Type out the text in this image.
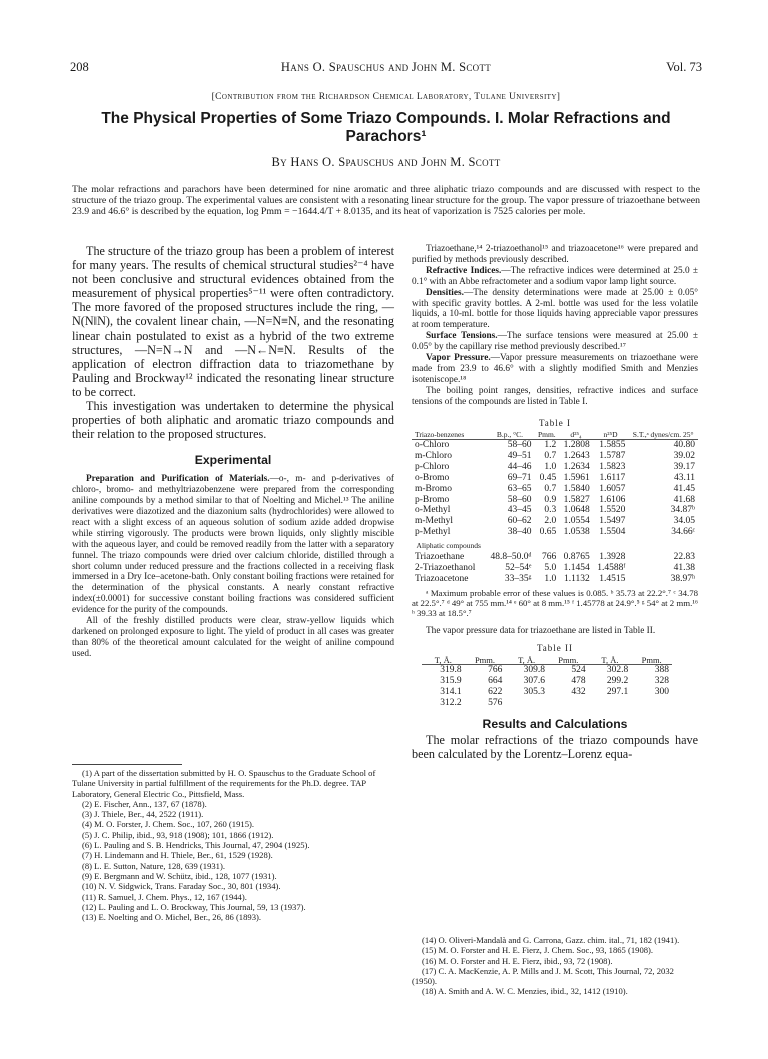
208	Hans O. Spauschus and John M. Scott	Vol. 73
[Contribution from the Richardson Chemical Laboratory, Tulane University]
The Physical Properties of Some Triazo Compounds. I. Molar Refractions and Parachors¹
By Hans O. Spauschus and John M. Scott
The molar refractions and parachors have been determined for nine aromatic and three aliphatic triazo compounds and are discussed with respect to the structure of the triazo group. The experimental values are consistent with a resonating linear structure for the group. The vapor pressure of triazoethane between 23.9 and 46.6° is described by the equation, log Pmm = −1644.4/T + 8.0135, and its heat of vaporization is 7525 calories per mole.

The structure of the triazo group has been a problem of interest for many years. The results of chemical structural studies²⁻⁴ have not been conclusive and structural evidences obtained from the measurement of physical properties⁵⁻¹¹ were often contradictory. The more favored of the proposed structures include the ring, —N(N‖N), the covalent linear chain, —N=N≡N, and the resonating linear chain postulated to exist as a hybrid of the two extreme structures, —N=N→N and —N←N≡N. Results of the application of electron diffraction data to triazomethane by Pauling and Brockway¹² indicated the resonating linear structure to be correct.

This investigation was undertaken to determine the physical properties of both aliphatic and aromatic triazo compounds and their relation to the proposed structures.

Experimental

Preparation and Purification of Materials.—o-, m- and p-derivatives of chloro-, bromo- and methyltriazobenzene were prepared from the corresponding aniline compounds by a method similar to that of Noelting and Michel.¹³ The aniline derivatives were diazotized and the diazonium salts (hydrochlorides) were allowed to react with a slight excess of an aqueous solution of sodium azide added dropwise while stirring vigorously. The products were brown liquids, only slightly miscible with the aqueous layer, and could be removed readily from the latter with a separatory funnel. The triazo compounds were dried over calcium chloride, distilled through a short column under reduced pressure and the fractions collected in a receiving flask immersed in a Dry Ice–acetone-bath. Only constant boiling fractions were retained for the determination of the physical constants. A nearly constant refractive index(±0.0001) for successive constant boiling fractions was considered sufficient evidence for the purity of the compounds.

All of the freshly distilled products were clear, straw-yellow liquids which darkened on prolonged exposure to light. The yield of product in all cases was greater than 80% of the theoretical amount calculated for the weight of aniline compound used.

(1) A part of the dissertation submitted by H. O. Spauschus to the Graduate School of Tulane University in partial fulfillment of the requirements for the Ph.D. degree. TAP Laboratory, General Electric Co., Pittsfield, Mass.
(2) E. Fischer, Ann., 137, 67 (1878).
(3) J. Thiele, Ber., 44, 2522 (1911).
(4) M. O. Forster, J. Chem. Soc., 107, 260 (1915).
(5) J. C. Philip, ibid., 93, 918 (1908); 101, 1866 (1912).
(6) L. Pauling and S. B. Hendricks, This Journal, 47, 2904 (1925).
(7) H. Lindemann and H. Thiele, Ber., 61, 1529 (1928).
(8) L. E. Sutton, Nature, 128, 639 (1931).
(9) E. Bergmann and W. Schütz, ibid., 128, 1077 (1931).
(10) N. V. Sidgwick, Trans. Faraday Soc., 30, 801 (1934).
(11) R. Samuel, J. Chem. Phys., 12, 167 (1944).
(12) L. Pauling and L. O. Brockway, This Journal, 59, 13 (1937).
(13) E. Noelting and O. Michel, Ber., 26, 86 (1893).

Triazoethane,¹⁴ 2-triazoethanol¹⁵ and triazoacetone¹⁶ were prepared and purified by methods previously described.

Refractive Indices.—The refractive indices were determined at 25.0 ± 0.1° with an Abbe refractometer and a sodium vapor lamp light source.

Densities.—The density determinations were made at 25.00 ± 0.05° with specific gravity bottles. A 2-ml. bottle was used for the less volatile liquids, a 10-ml. bottle for those liquids having appreciable vapor pressures at room temperature.

Surface Tensions.—The surface tensions were measured at 25.00 ± 0.05° by the capillary rise method previously described.¹⁷

Vapor Pressure.—Vapor pressure measurements on triazoethane were made from 23.9 to 46.6° with a slightly modified Smith and Menzies isoteniscope.¹⁸

The boiling point ranges, densities, refractive indices and surface tensions of the compounds are listed in Table I.

Table I
Triazo-benzenes	B.p., °C.	Pmm.	d²⁵₄	n²⁵D	S.T.,ᵃ dynes/cm. 25°
o-Chloro	58–60	1.2	1.2808	1.5855	40.80
m-Chloro	49–51	0.7	1.2643	1.5787	39.02
p-Chloro	44–46	1.0	1.2634	1.5823	39.17
o-Bromo	69–71	0.45	1.5961	1.6117	43.11
m-Bromo	63–65	0.7	1.5840	1.6057	41.45
p-Bromo	58–60	0.9	1.5827	1.6106	41.68
o-Methyl	43–45	0.3	1.0648	1.5520	34.87ᵇ
m-Methyl	60–62	2.0	1.0554	1.5497	34.05
p-Methyl	38–40	0.65	1.0538	1.5504	34.66ᶜ
Aliphatic compounds					
Triazoethane	48.8–50.0ᵈ	766	0.8765	1.3928	22.83
2-Triazoethanol	52–54ᵉ	5.0	1.1454	1.4588ᶠ	41.38
Triazoacetone	33–35ᵍ	1.0	1.1132	1.4515	38.97ʰ

ᵃ Maximum probable error of these values is 0.085. ᵇ 35.73 at 22.2°.⁷ ᶜ 34.78 at 22.5°.⁷ ᵈ 49° at 755 mm.¹⁴ ᵉ 60° at 8 mm.¹⁵ ᶠ 1.45778 at 24.9°.⁵ ᵍ 54° at 2 mm.¹⁶ ʰ 39.33 at 18.5°.⁷

The vapor pressure data for triazoethane are listed in Table II.

Table II
T, Å.	Pmm.	T, Å.	Pmm.	T, Å.	Pmm.
319.8	766	309.8	524	302.8	388
315.9	664	307.6	478	299.2	328
314.1	622	305.3	432	297.1	300
312.2	576				
Results and Calculations

The molar refractions of the triazo compounds have been calculated by the Lorentz–Lorenz equa-

(14) O. Oliveri-Mandalà and G. Carrona, Gazz. chim. ital., 71, 182 (1941).
(15) M. O. Forster and H. E. Fierz, J. Chem. Soc., 93, 1865 (1908).
(16) M. O. Forster and H. E. Fierz, ibid., 93, 72 (1908).
(17) C. A. MacKenzie, A. P. Mills and J. M. Scott, This Journal, 72, 2032 (1950).
(18) A. Smith and A. W. C. Menzies, ibid., 32, 1412 (1910).
